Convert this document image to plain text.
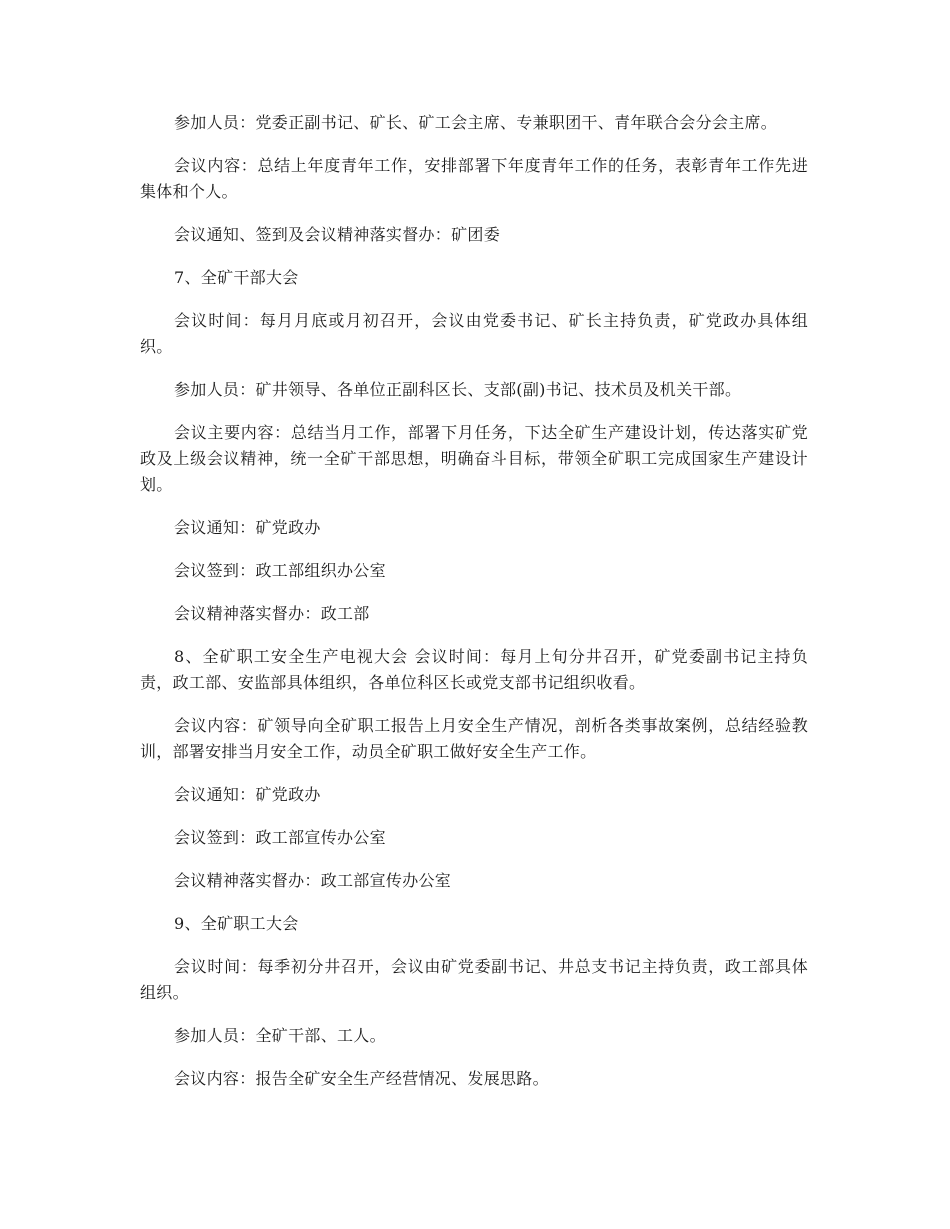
参加人员：党委正副书记、矿长、矿工会主席、专兼职团干、青年联合会分会主席。

会议内容：总结上年度青年工作，安排部署下年度青年工作的任务，表彰青年工作先进集体和个人。

会议通知、签到及会议精神落实督办：矿团委

7、全矿干部大会

会议时间：每月月底或月初召开，会议由党委书记、矿长主持负责，矿党政办具体组织。

参加人员：矿井领导、各单位正副科区长、支部(副)书记、技术员及机关干部。

会议主要内容：总结当月工作，部署下月任务，下达全矿生产建设计划，传达落实矿党政及上级会议精神，统一全矿干部思想，明确奋斗目标，带领全矿职工完成国家生产建设计划。

会议通知：矿党政办

会议签到：政工部组织办公室

会议精神落实督办：政工部

8、全矿职工安全生产电视大会 会议时间：每月上旬分井召开，矿党委副书记主持负责，政工部、安监部具体组织，各单位科区长或党支部书记组织收看。

会议内容：矿领导向全矿职工报告上月安全生产情况，剖析各类事故案例，总结经验教训，部署安排当月安全工作，动员全矿职工做好安全生产工作。

会议通知：矿党政办

会议签到：政工部宣传办公室

会议精神落实督办：政工部宣传办公室

9、全矿职工大会

会议时间：每季初分井召开，会议由矿党委副书记、井总支书记主持负责，政工部具体组织。

参加人员：全矿干部、工人。

会议内容：报告全矿安全生产经营情况、发展思路。
